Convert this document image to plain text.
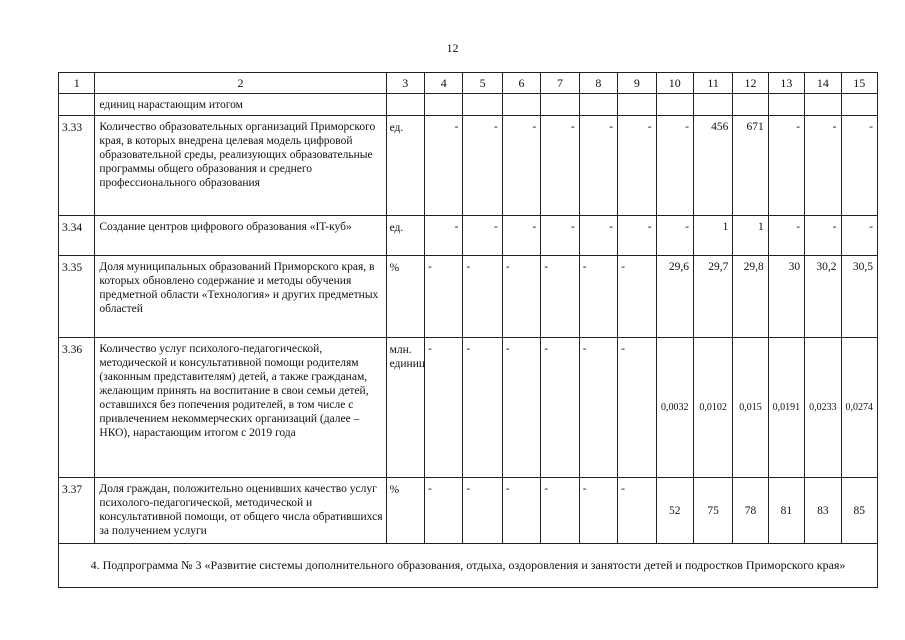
12
1	2	3	4	5	6	7	8	9	10	11	12	13	14	15
	единиц нарастающим итогом													
3.33	Количество образовательных организаций Приморского края, в которых внедрена целевая модель цифровой образовательной среды, реализующих образовательные программы общего образования и среднего профессионального образования	ед.	-	-	-	-	-	-	-	456	671	-	-	-
3.34	Создание центров цифрового образования «IT-куб»	ед.	-	-	-	-	-	-	-	1	1	-	-	-
3.35	Доля муниципальных образований Приморского края, в которых обновлено содержание и методы обучения предметной области «Технология» и других предметных областей	%	-	-	-	-	-	-	29,6	29,7	29,8	30	30,2	30,5
3.36	Количество услуг психолого-педагогической, методической и консультативной помощи родителям (законным представителям) детей, а также гражданам, желающим принять на воспитание в свои семьи детей, оставшихся без попечения родителей, в том числе с привлечением некоммерческих организаций (далее – НКО), нарастающим итогом с 2019 года	млн. единиц	-	-	-	-	-	-	0,0032	0,0102	0,015	0,0191	0,0233	0,0274
3.37	Доля граждан, положительно оценивших качество услуг психолого-педагогической, методической и консультативной помощи, от общего числа обратившихся за получением услуги	%	-	-	-	-	-	-	52	75	78	81	83	85
4. Подпрограмма № 3 «Развитие системы дополнительного образования, отдыха, оздоровления и занятости детей и подростков Приморского края»														
